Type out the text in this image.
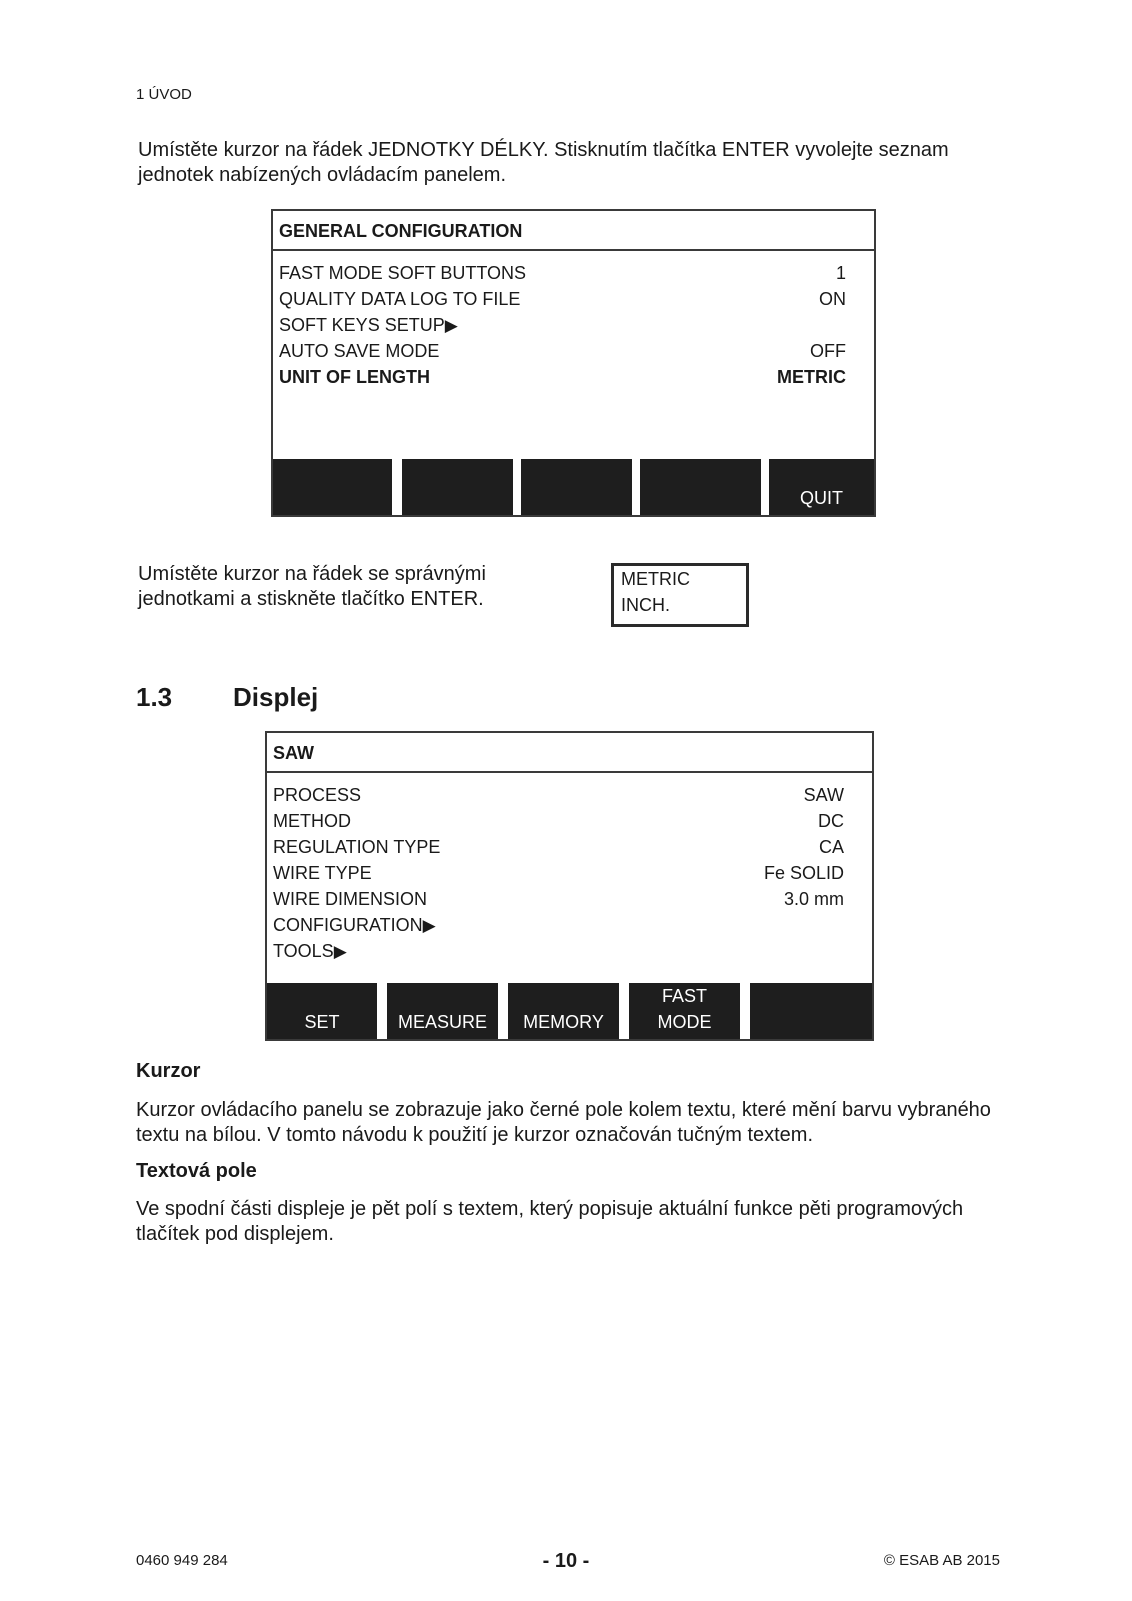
1 ÚVOD

Umístěte kurzor na řádek JEDNOTKY DÉLKY. Stisknutím tlačítka ENTER vyvolejte seznam jednotek nabízených ovládacím panelem.

GENERAL CONFIGURATION
FAST MODE SOFT BUTTONS	1
QUALITY DATA LOG TO FILE	ON
SOFT KEYS SETUP▶
AUTO SAVE MODE	OFF
UNIT OF LENGTH	METRIC
QUIT

Umístěte kurzor na řádek se správnými jednotkami a stiskněte tlačítko ENTER.

METRIC
INCH.
1.3 Displej
SAW
PROCESS	SAW
METHOD	DC
REGULATION TYPE	CA
WIRE TYPE	Fe SOLID
WIRE DIMENSION	3.0 mm
CONFIGURATION▶
TOOLS▶
SET	MEASURE	MEMORY
FAST
MODE
Kurzor

Kurzor ovládacího panelu se zobrazuje jako černé pole kolem textu, které mění barvu vybraného textu na bílou. V tomto návodu k použití je kurzor označován tučným textem.

Textová pole

Ve spodní části displeje je pět polí s textem, který popisuje aktuální funkce pěti programových tlačítek pod displejem.

0460 949 284	- 10 -	© ESAB AB 2015
